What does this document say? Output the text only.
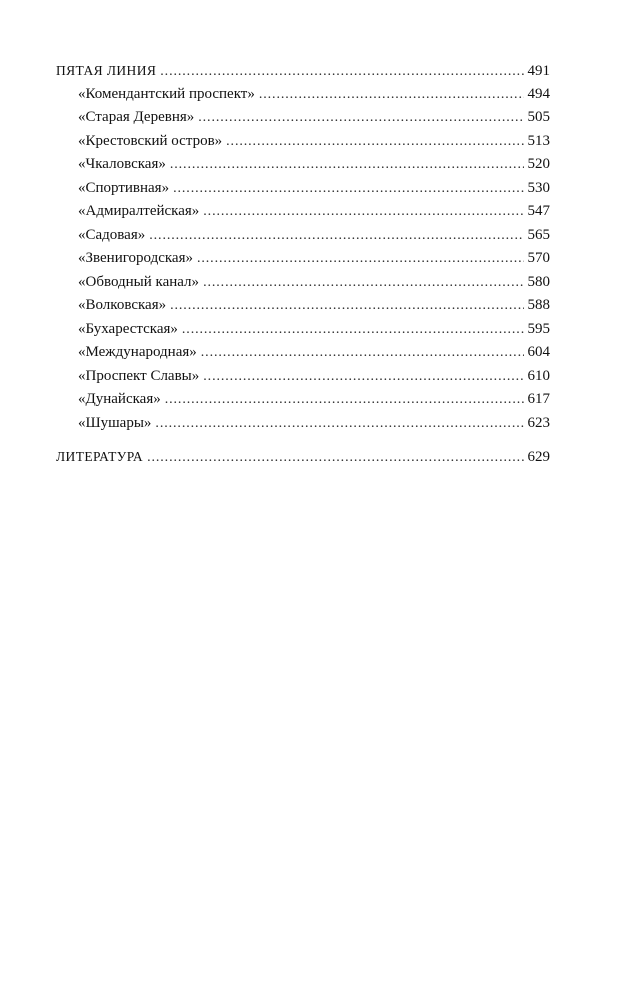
ПЯТАЯ ЛИНИЯ . . .	491
«Комендантский проспект» . . .	494
«Старая Деревня» . . .	505
«Крестовский остров» . . .	513
«Чкаловская» . . .	520
«Спортивная» . . .	530
«Адмиралтейская» . . .	547
«Садовая» . . .	565
«Звенигородская» . . .	570
«Обводный канал» . . .	580
«Волковская» . . .	588
«Бухарестская» . . .	595
«Международная» . . .	604
«Проспект Славы» . . .	610
«Дунайская» . . .	617
«Шушары» . . .	623
ЛИТЕРАТУРА . . .	629
